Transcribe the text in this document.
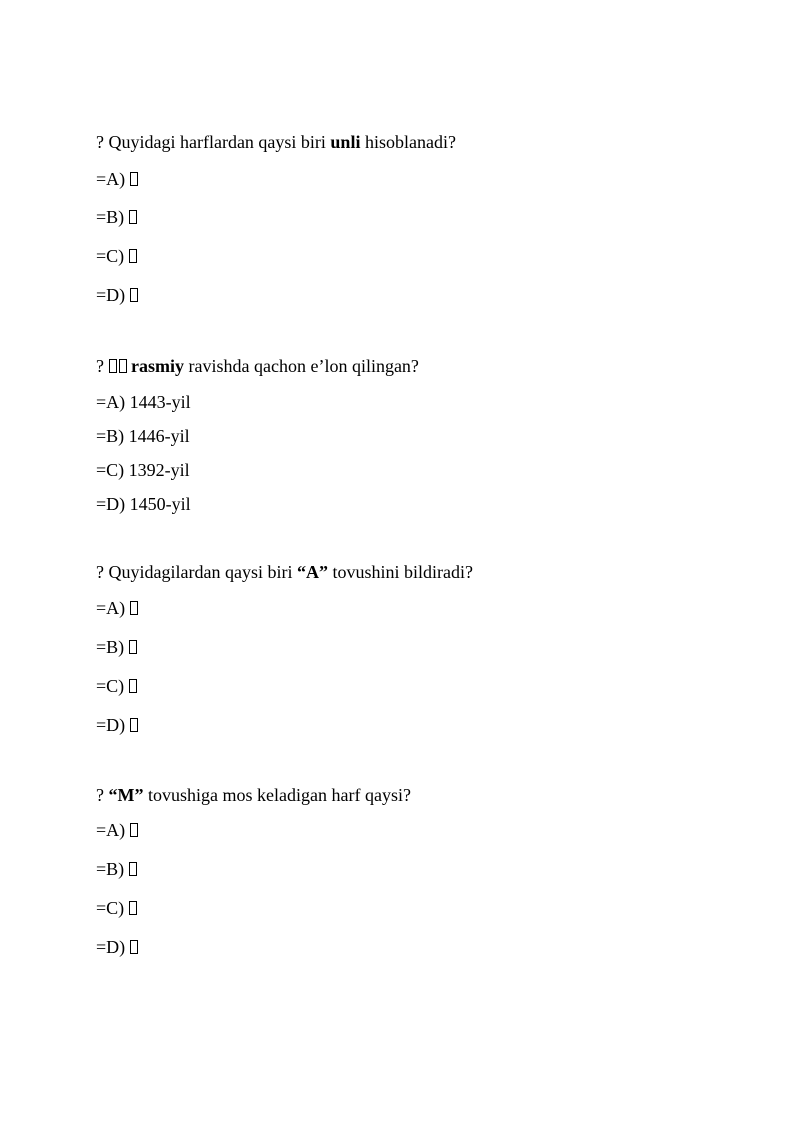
? Quyidagi harflardan qaysi biri unli hisoblanadi?
=A)
=B)
=C)
=D)
?  rasmiy ravishda qachon e’lon qilingan?
=A) 1443-yil
=B) 1446-yil
=C) 1392-yil
=D) 1450-yil
? Quyidagilardan qaysi biri “A” tovushini bildiradi?
=A)
=B)
=C)
=D)
? “M” tovushiga mos keladigan harf qaysi?
=A)
=B)
=C)
=D)
